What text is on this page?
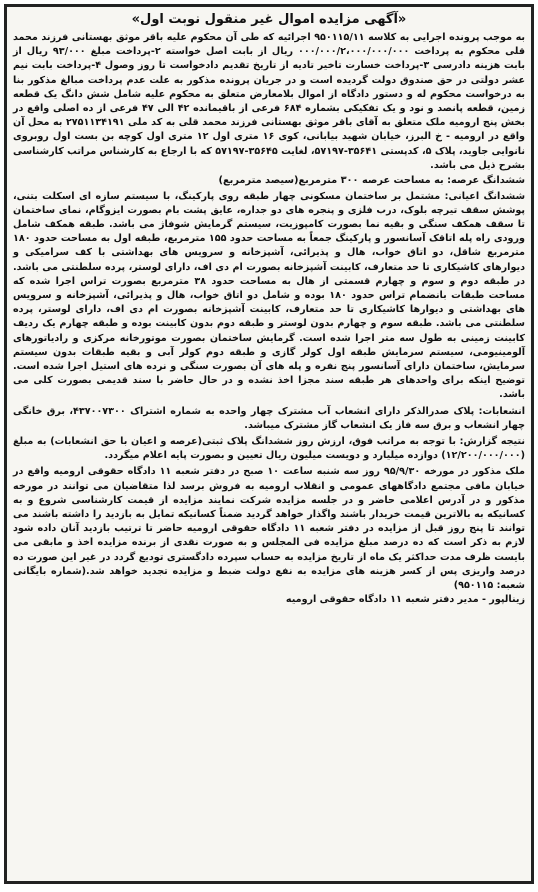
«آگهی مزایده اموال غیر منقول نوبت اول»
به موجب پرونده اجرایی به کلاسه ۹۵۰۱۱۵/۱۱ اجرائیه که طی آن محکوم علیه باقر موثق بهستانی فرزند محمد قلی محکوم به پرداخت ۰۰۰/۰۰۰/۲،۰۰۰/۰۰۰/۰۰۰ ریال از بابت اصل خواسته ۲-پرداخت مبلغ ۹۳/۰۰۰ ریال از بابت هزینه دادرسی ۳-پرداخت خسارت تاخیر تادیه از تاریخ تقدیم دادخواست تا روز وصول ۴-پرداخت بابت نیم عشر دولتی در حق صندوق دولت گردیده است و در جریان پرونده مذکور به علت عدم پرداخت مبالغ مذکور بنا به درخواست محکوم له و دستور دادگاه از اموال بلامعارض متعلق به محکوم علیه شامل شش دانگ یک قطعه زمین، قطعه پانصد و نود و یک تفکیکی بشماره ۶۸۴ فرعی از باقیمانده ۴۲ الی ۴۷ فرعی از ده اصلی واقع در بخش پنج ارومیه ملک متعلق به آقای باقر موثق بهستانی فرزند محمد قلی به کد ملی ۲۷۵۱۱۳۴۱۹۱ به محل آن واقع در ارومیه - خ البرز، خیابان شهید بیابانی، کوی ۱۶ متری اول ۱۲ متری اول کوچه بن بست اول روبروی نانوایی جاوید، پلاک ۵، کدپستی ۳۵۶۴۱-۵۷۱۹۷، لغایت ۳۵۶۴۵-۵۷۱۹۷ که با ارجاع به کارشناس مراتب کارشناسی بشرح ذیل می باشد.
ششدانگ عرصه: به مساحت عرصه ۳۰۰ مترمربع(سیصد مترمربع)
ششدانگ اعیانی: مشتمل بر ساختمان مسکونی چهار طبقه روی پارکینگ، با سیستم سازه ای اسکلت بتنی، پوشش سقف تیرچه بلوک، درب فلزی و پنجره های دو جداره، عایق پشت بام بصورت ایزوگام، نمای ساختمان تا سقف همکف سنگی و بقیه نما بصورت کامپوزیت، سیستم گرمایش شوفاژ می باشد. طبقه همکف شامل ورودی راه پله اتاقک آسانسور و پارکینگ جمعاً به مساحت حدود ۱۵۵ مترمربع، طبقه اول به مساحت حدود ۱۸۰ مترمربع شاقل، دو اتاق خواب، هال و پذیرائی، آشپزخانه و سرویس های بهداشتی با کف سرامیکی و دیوارهای کاشیکاری تا حد متعارف، کابینت آشپزخانه بصورت ام دی اف، دارای لوستر، پرده سلطنتی می باشد. در طبقه دوم و سوم و چهارم قسمتی از هال به مساحت حدود ۳۸ مترمربع بصورت تراس اجرا شده که مساحت طبقات بانضمام تراس حدود ۱۸۰ بوده و شامل دو اتاق خواب، هال و پذیرائی، آشپزخانه و سرویس های بهداشتی و دیوارها کاشیکاری تا حد متعارف، کابینت آشپزخانه بصورت ام دی اف، دارای لوستر، پرده سلطنتی می باشد. طبقه سوم و چهارم بدون لوستر و طبقه دوم بدون کابینت بوده و طبقه چهارم یک ردیف کابینت زمینی به طول سه متر اجرا شده است. گرمایش ساختمان بصورت موتورخانه مرکزی و رادیاتورهای آلومینیومی، سیستم سرمایش طبقه اول کولر گازی و طبقه دوم کولر آبی و بقیه طبقات بدون سیستم سرمایش، ساختمان دارای آسانسور پنج نفره و پله های آن بصورت سنگی و نرده های استیل اجرا شده است. توضیح اینکه برای واحدهای هر طبقه سند مجزا اخذ نشده و در حال حاضر با سند قدیمی بصورت کلی می باشد.
انشعابات: پلاک صدرالذکر دارای انشعاب آب مشترک چهار واحده به شماره اشتراک ۴۳۷۰۰۷۳۰۰، برق خانگی چهار انشعاب و برق سه فاز یک انشعاب گاز مشترک میباشد.
نتیجه گزارش: با توجه به مراتب فوق، ارزش روز ششدانگ پلاک ثبتی(عرصه و اعیان با حق انشعابات) به مبلغ (۱۲/۲۰۰/۰۰۰/۰۰۰) دوازده میلیارد و دویست میلیون ریال تعیین و بصورت پایه اعلام میگردد.
ملک مذکور در مورخه ۹۵/۹/۳۰ روز سه شنبه ساعت ۱۰ صبح در دفتر شعبه ۱۱ دادگاه حقوقی ارومیه واقع در خیابان مافی مجتمع دادگاههای عمومی و انقلاب ارومیه به فروش برسد لذا متقاضیان می توانند در مورخه مذکور و در آدرس اعلامی حاضر و در جلسه مزایده شرکت نمایند مزایده از قیمت کارشناسی شروع و به کسانیکه به بالاترین قیمت خریدار باشند واگذار خواهد گردید ضمناً کسانیکه تمایل به بازدید را داشته باشند می توانند تا پنج روز قبل از مزایده در دفتر شعبه ۱۱ دادگاه حقوقی ارومیه حاضر تا ترتیب بازدید آنان داده شود لازم به ذکر است که ده درصد مبلغ مزایده فی المجلس و به صورت نقدی از برنده مزایده اخذ و مابقی می بایست ظرف مدت حداکثر یک ماه از تاریخ مزایده به حساب سپرده دادگستری تودیع گردد در غیر این صورت ده درصد واریزی پس از کسر هزینه های مزایده به نفع دولت ضبط و مزایده تجدید خواهد شد.(شماره بایگانی شعبه: ۹۵۰۱۱۵)
زینالپور - مدیر دفتر شعبه ۱۱ دادگاه حقوقی ارومیه
